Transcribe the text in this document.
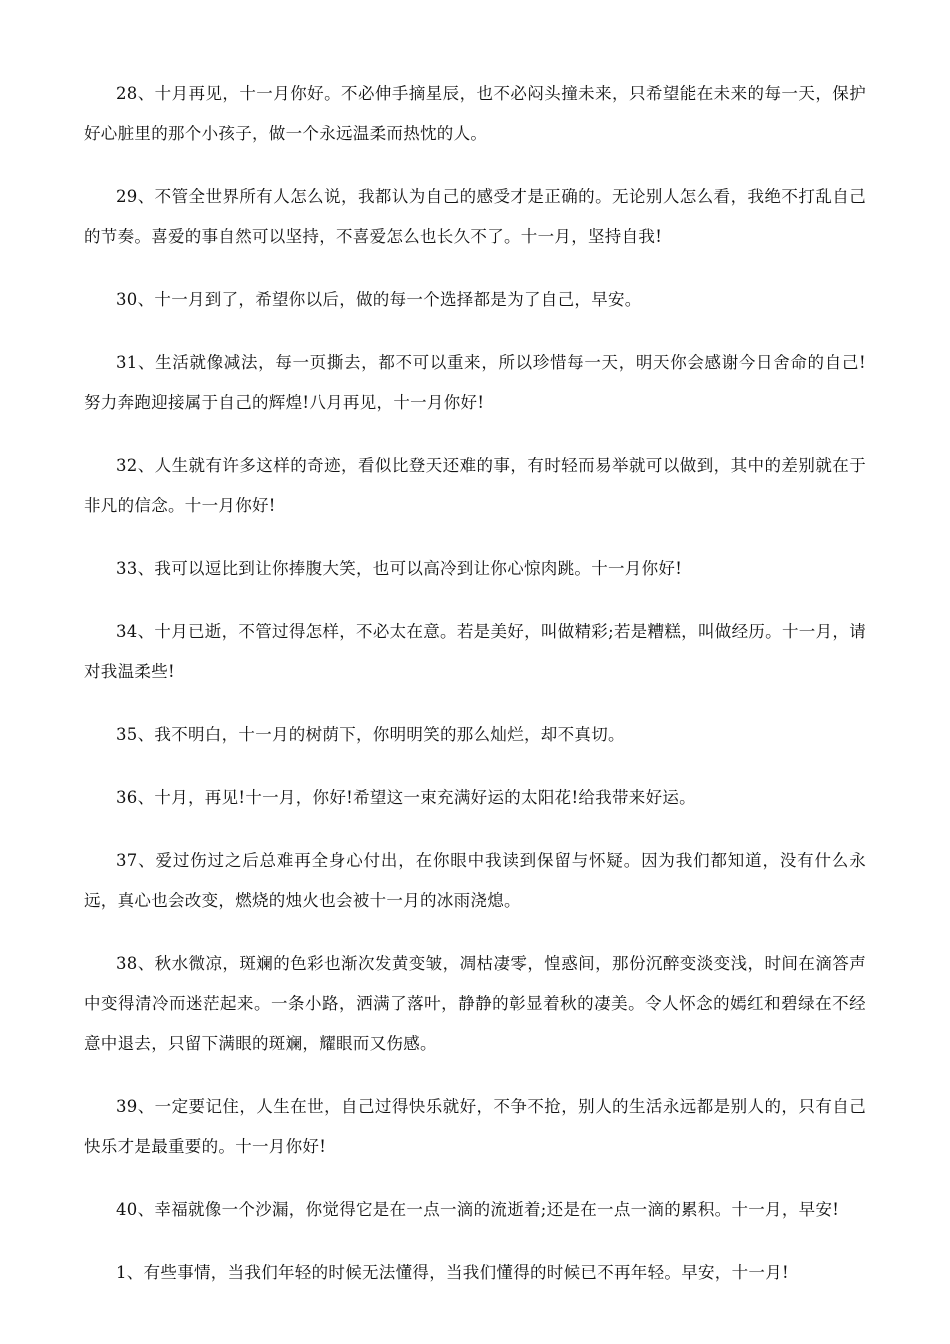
28、十月再见，十一月你好。不必伸手摘星辰，也不必闷头撞未来，只希望能在未来的每一天，保护好心脏里的那个小孩子，做一个永远温柔而热忱的人。

29、不管全世界所有人怎么说，我都认为自己的感受才是正确的。无论别人怎么看，我绝不打乱自己的节奏。喜爱的事自然可以坚持，不喜爱怎么也长久不了。十一月，坚持自我!

30、十一月到了，希望你以后，做的每一个选择都是为了自己，早安。

31、生活就像减法，每一页撕去，都不可以重来，所以珍惜每一天，明天你会感谢今日舍命的自己!努力奔跑迎接属于自己的辉煌!八月再见，十一月你好!

32、人生就有许多这样的奇迹，看似比登天还难的事，有时轻而易举就可以做到，其中的差别就在于非凡的信念。十一月你好!

33、我可以逗比到让你捧腹大笑，也可以高冷到让你心惊肉跳。十一月你好!

34、十月已逝，不管过得怎样，不必太在意。若是美好，叫做精彩;若是糟糕，叫做经历。十一月，请对我温柔些!

35、我不明白，十一月的树荫下，你明明笑的那么灿烂，却不真切。

36、十月，再见!十一月，你好!希望这一束充满好运的太阳花!给我带来好运。

37、爱过伤过之后总难再全身心付出，在你眼中我读到保留与怀疑。因为我们都知道，没有什么永远，真心也会改变，燃烧的烛火也会被十一月的冰雨浇熄。

38、秋水微凉，斑斓的色彩也渐次发黄变皱，凋枯凄零，惶惑间，那份沉醉变淡变浅，时间在滴答声中变得清冷而迷茫起来。一条小路，洒满了落叶，静静的彰显着秋的凄美。令人怀念的嫣红和碧绿在不经意中退去，只留下满眼的斑斓，耀眼而又伤感。

39、一定要记住，人生在世，自己过得快乐就好，不争不抢，别人的生活永远都是别人的，只有自己快乐才是最重要的。十一月你好!

40、幸福就像一个沙漏，你觉得它是在一点一滴的流逝着;还是在一点一滴的累积。十一月，早安!

1、有些事情，当我们年轻的时候无法懂得，当我们懂得的时候已不再年轻。早安，十一月!
